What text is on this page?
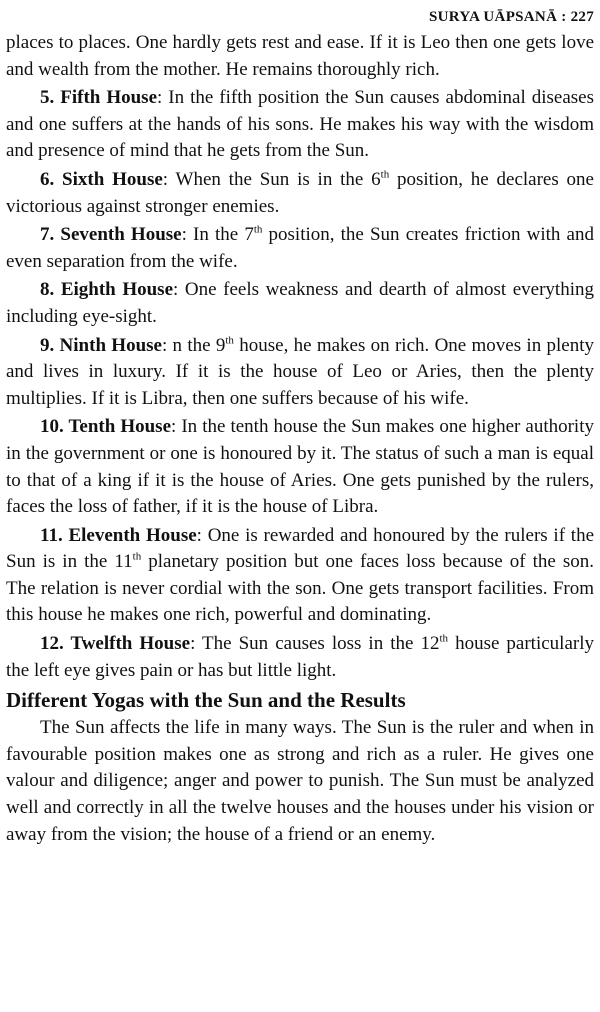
SURYA UĀPSANĀ : 227

places to places. One hardly gets rest and ease. If it is Leo then one gets love and wealth from the mother. He remains thoroughly rich.

5. Fifth House: In the fifth position the Sun causes abdominal diseases and one suffers at the hands of his sons. He makes his way with the wisdom and presence of mind that he gets from the Sun.

6. Sixth House: When the Sun is in the 6th position, he declares one victorious against stronger enemies.

7. Seventh House: In the 7th position, the Sun creates friction with and even separation from the wife.

8. Eighth House: One feels weakness and dearth of almost everything including eye-sight.

9. Ninth House: n the 9th house, he makes on rich. One moves in plenty and lives in luxury. If it is the house of Leo or Aries, then the plenty multiplies. If it is Libra, then one suffers because of his wife.

10. Tenth House: In the tenth house the Sun makes one higher authority in the government or one is honoured by it. The status of such a man is equal to that of a king if it is the house of Aries. One gets punished by the rulers, faces the loss of father, if it is the house of Libra.

11. Eleventh House: One is rewarded and honoured by the rulers if the Sun is in the 11th planetary position but one faces loss because of the son. The relation is never cordial with the son. One gets transport facilities. From this house he makes one rich, powerful and dominating.

12. Twelfth House: The Sun causes loss in the 12th house particularly the left eye gives pain or has but little light.

Different Yogas with the Sun and the Results

The Sun affects the life in many ways. The Sun is the ruler and when in favourable position makes one as strong and rich as a ruler. He gives one valour and diligence; anger and power to punish. The Sun must be analyzed well and correctly in all the twelve houses and the houses under his vision or away from the vision; the house of a friend or an enemy.
